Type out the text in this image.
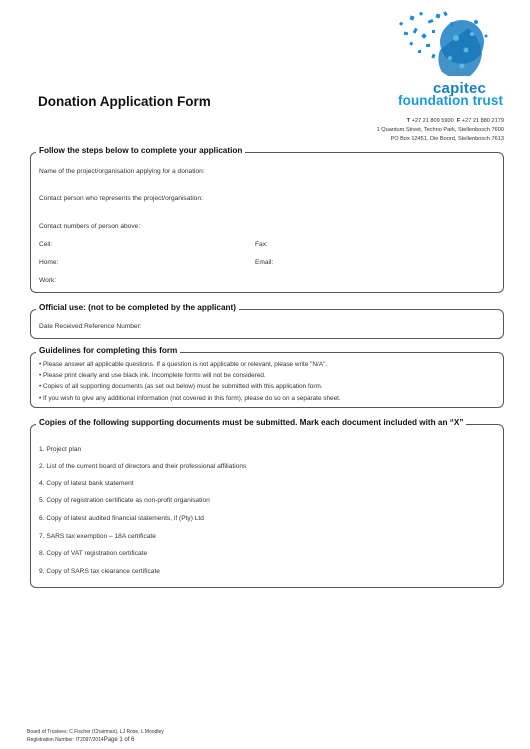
Donation Application Form
capitec
foundation trust
T +27 21 809 5900 F +27 21 880 2179
1 Quantum Street, Techno Park, Stellenbosch 7600
PO Box 12451, Die Boord, Stellenbosch 7613
Follow the steps below to complete your application
Name of the project/organisation applying for a donation:
Contact person who represents the project/organisation:
Contact numbers of person above:
Cell:	Fax:
Home:	Email:
Work:
Official use: (not to be completed by the applicant)
Date Received:Reference Number:
Guidelines for completing this form
• Please answer all applicable questions. If a question is not applicable or relevant, please write "N/A".
• Please print clearly and use black ink. Incomplete forms will not be considered.
• Copies of all supporting documents (as set out below) must be submitted with this application form.
• If you wish to give any additional information (not covered in this form), please do so on a separate sheet.
Copies of the following supporting documents must be submitted. Mark each document included with an “X”
1. Project plan
2. List of the current board of directors and their professional affiliations
4. Copy of latest bank statement
5. Copy of registration certificate as non-profit organisation
6. Copy of latest audited financial statements, if (Pty) Ltd
7. SARS tax exemption – 18A certificate
8. Copy of VAT registration certificate
9. Copy of SARS tax clearance certificate
Board of Trustees: C Fischer (Chairman), LJ Rose, L Moodley
Registration Number: IT2097/2014Page 1 of 6
